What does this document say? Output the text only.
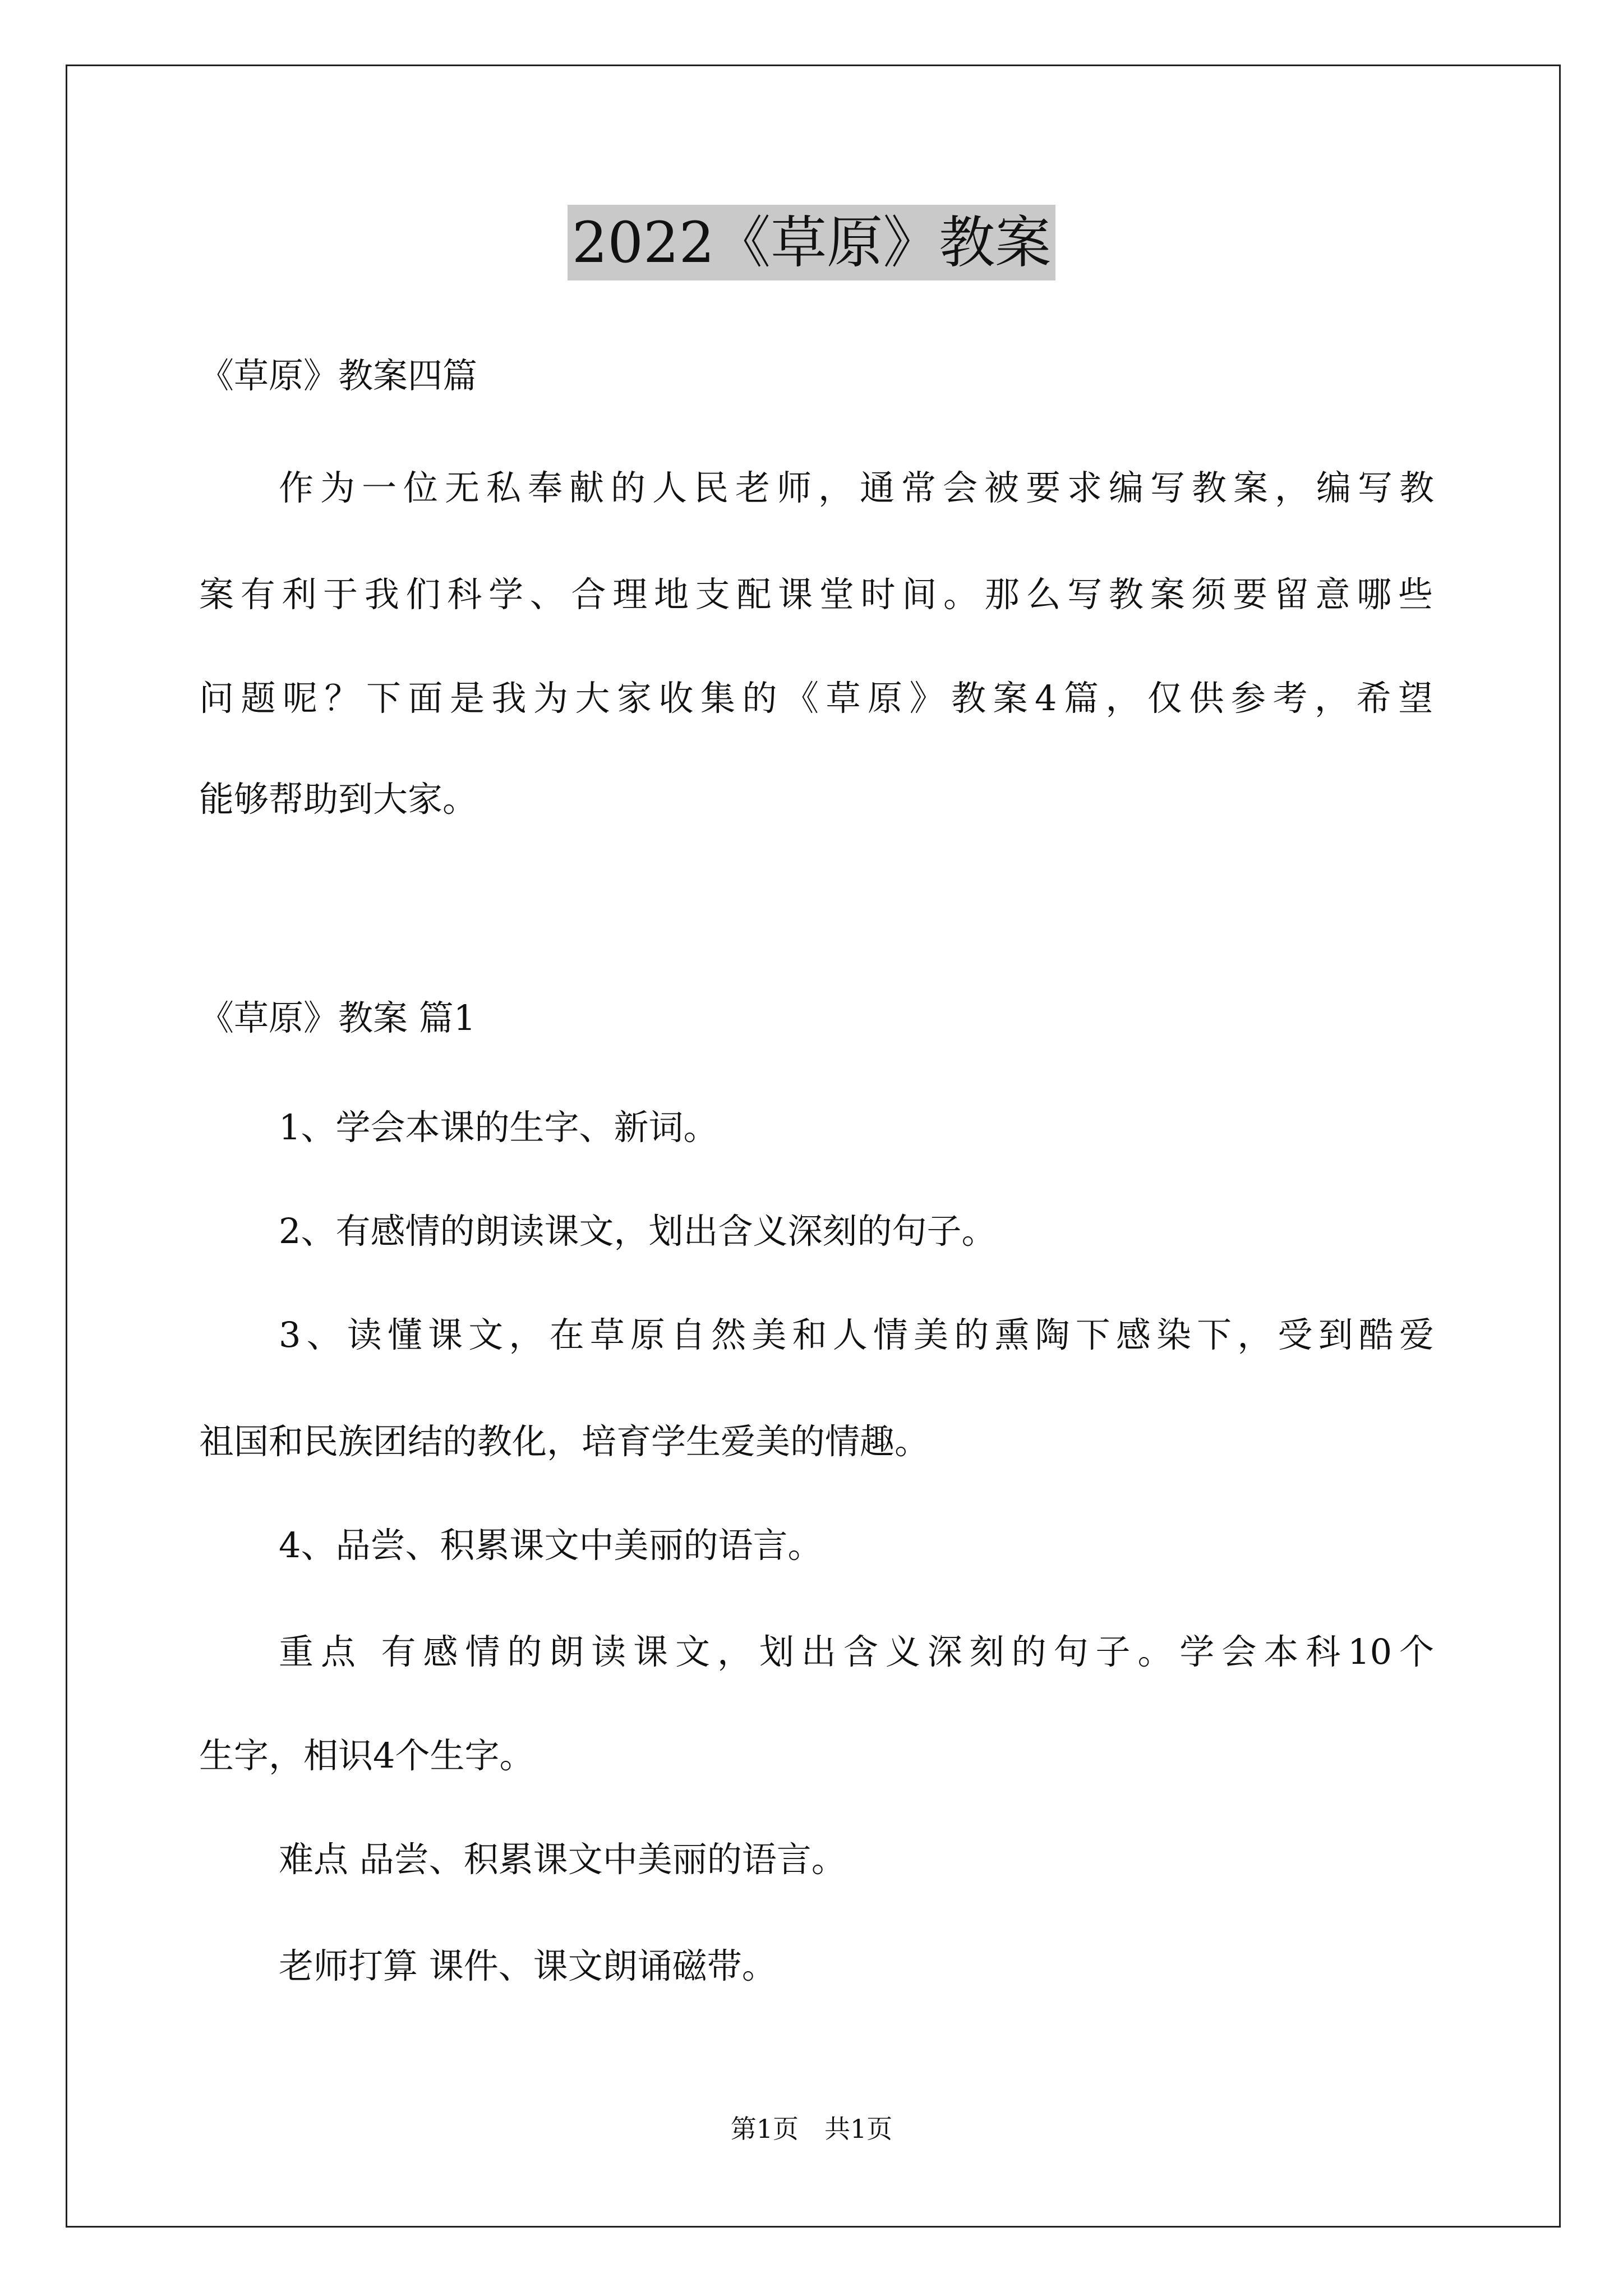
2022《草原》教案
《草原》教案四篇
作为一位无私奉献的人民老师，通常会被要求编写教案，编写教
案有利于我们科学、合理地支配课堂时间。那么写教案须要留意哪些
问题呢？下面是我为大家收集的《草原》教案4篇，仅供参考，希望
能够帮助到大家。
《草原》教案 篇1
1、学会本课的生字、新词。
2、有感情的朗读课文，划出含义深刻的句子。
3、读懂课文，在草原自然美和人情美的熏陶下感染下，受到酷爱
祖国和民族团结的教化，培育学生爱美的情趣。
4、品尝、积累课文中美丽的语言。
重点 有感情的朗读课文，划出含义深刻的句子。学会本科10个
生字，相识4个生字。
难点 品尝、积累课文中美丽的语言。
老师打算 课件、课文朗诵磁带。
第1页　共1页
